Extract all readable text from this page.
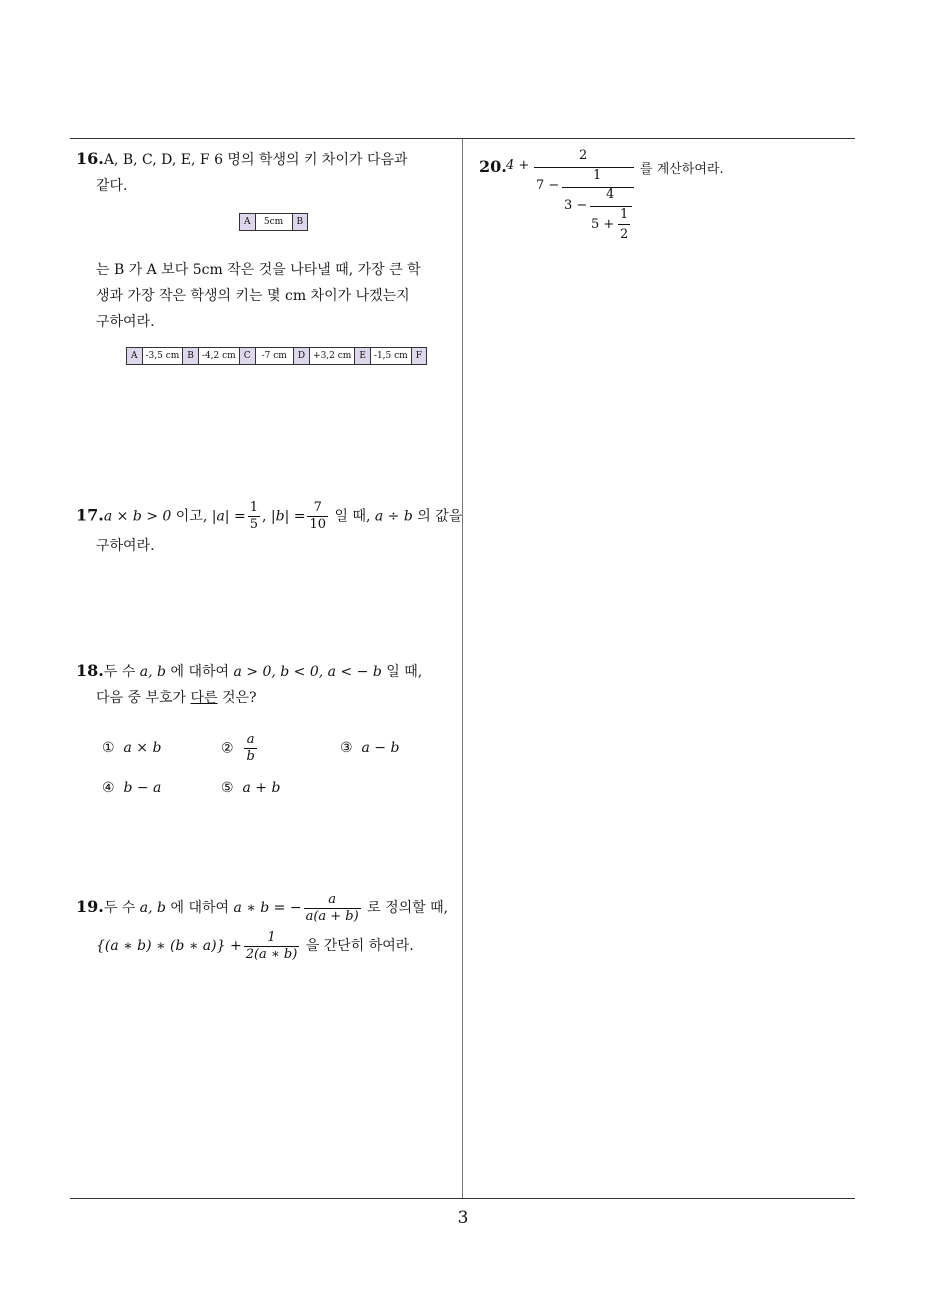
16.A, B, C, D, E, F 6 명의 학생의 키 차이가 다음과
같다.
A	5cm	B
는 B 가 A 보다 5cm 작은 것을 나타낼 때, 가장 큰 학
생과 가장 작은 학생의 키는 몇 cm 차이가 나겠는지
구하여라.
A -3,5 cm B -4,2 cm C	-7 cm	D +3,2 cm E -1,5 cm F
17.a × b > 0 이고, $|a| = \frac{1}{5}$ , $|b| = \frac{7}{10}$ 일 때, a ÷ b 의 값을
구하여라.
18.두 수 a, b 에 대하여 a > 0, b < 0, a < − b 일 때,
다음 중 부호가 다른 것은?
① a × b	② $\frac{a}{b}$	③ a − b
④ b − a	⑤ a + b
19.두 수 a, b 에 대하여 a ∗ b = − $\frac{a}{a(a + b)}$ 로 정의할 때,
{(a ∗ b) ∗ (b ∗ $a)\} + \frac{1}{2(a ∗ b)}$ 을 간단히 하여라.
20. 4 +
2
7 −
1
3 −
4
5 +
1
2
를 계산하여라.
3
